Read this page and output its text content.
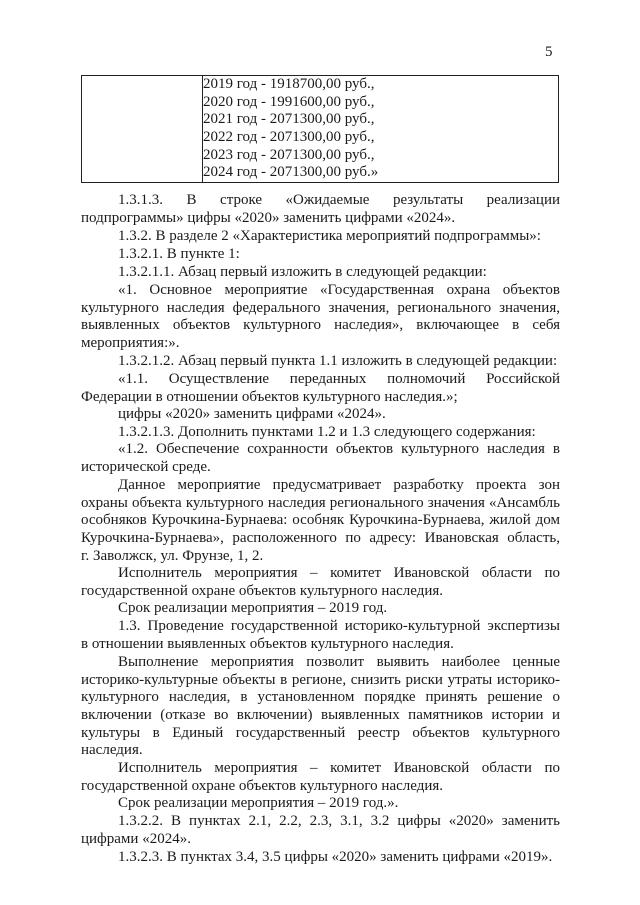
5

2019 год - 1918700,00 руб.,
2020 год - 1991600,00 руб.,
2021 год - 2071300,00 руб.,
2022 год - 2071300,00 руб.,
2023 год - 2071300,00 руб.,
2024 год - 2071300,00 руб.»
1.3.1.3. В строке «Ожидаемые результаты реализации
подпрограммы» цифры «2020» заменить цифрами «2024».
1.3.2. В разделе 2 «Характеристика мероприятий подпрограммы»:
1.3.2.1. В пункте 1:
1.3.2.1.1. Абзац первый изложить в следующей редакции:
«1. Основное мероприятие «Государственная охрана объектов
культурного наследия федерального значения, регионального значения,
выявленных объектов культурного наследия», включающее в себя
мероприятия:».
1.3.2.1.2. Абзац первый пункта 1.1 изложить в следующей редакции:
«1.1. Осуществление переданных полномочий Российской
Федерации в отношении объектов культурного наследия.»;
цифры «2020» заменить цифрами «2024».
1.3.2.1.3. Дополнить пунктами 1.2 и 1.3 следующего содержания:
«1.2. Обеспечение сохранности объектов культурного наследия в
исторической среде.
Данное мероприятие предусматривает разработку проекта зон
охраны объекта культурного наследия регионального значения «Ансамбль
особняков Курочкина-Бурнаева: особняк Курочкина-Бурнаева, жилой дом
Курочкина-Бурнаева», расположенного по адресу: Ивановская область,
г. Заволжск, ул. Фрунзе, 1, 2.
Исполнитель мероприятия – комитет Ивановской области по
государственной охране объектов культурного наследия.
Срок реализации мероприятия – 2019 год.
1.3. Проведение государственной историко-культурной экспертизы
в отношении выявленных объектов культурного наследия.
Выполнение мероприятия позволит выявить наиболее ценные
историко-культурные объекты в регионе, снизить риски утраты историко-
культурного наследия, в установленном порядке принять решение о
включении (отказе во включении) выявленных памятников истории и
культуры в Единый государственный реестр объектов культурного
наследия.
Исполнитель мероприятия – комитет Ивановской области по
государственной охране объектов культурного наследия.
Срок реализации мероприятия – 2019 год.».
1.3.2.2. В пунктах 2.1, 2.2, 2.3, 3.1, 3.2 цифры «2020» заменить
цифрами «2024».
1.3.2.3. В пунктах 3.4, 3.5 цифры «2020» заменить цифрами «2019».
